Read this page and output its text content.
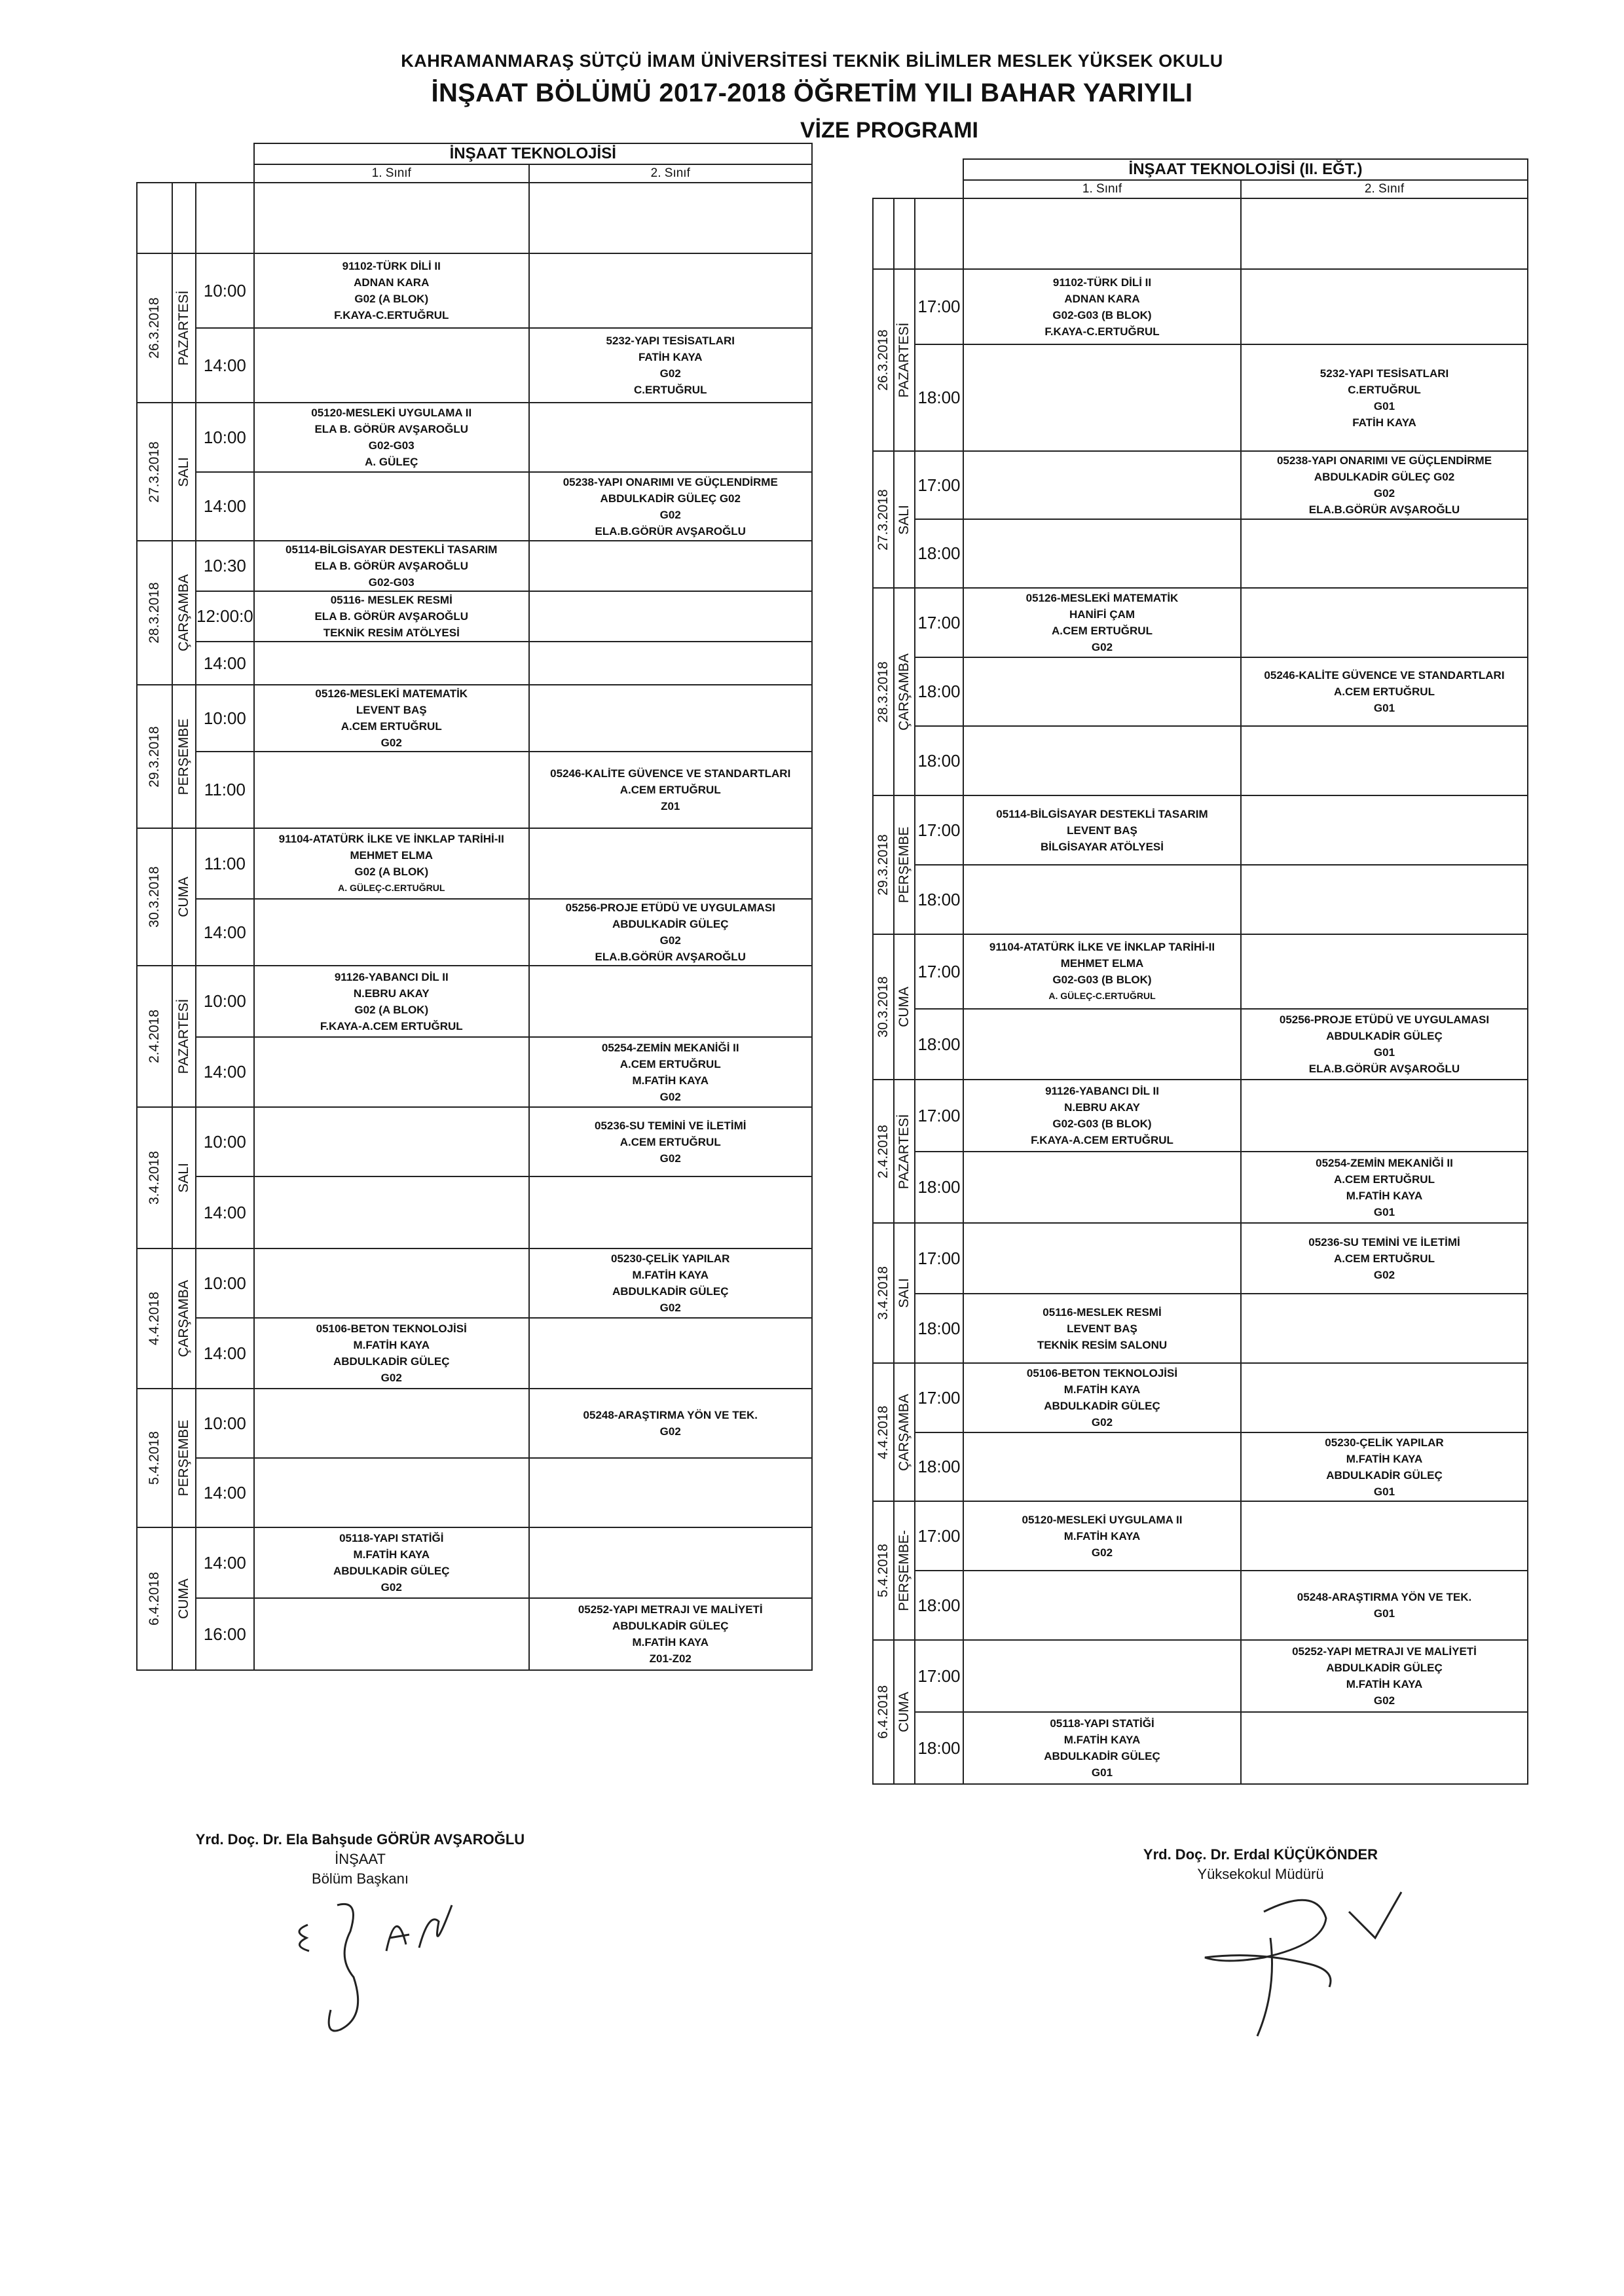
KAHRAMANMARAŞ SÜTÇÜ İMAM ÜNİVERSİTESİ TEKNİK BİLİMLER MESLEK YÜKSEK OKULU
İNŞAAT BÖLÜMÜ 2017-2018 ÖĞRETİM YILI BAHAR YARIYILI
VİZE PROGRAMI
			İNŞAAT TEKNOLOJİSİ	
			1. Sınıf	2. Sınıf

26.3.2018	PAZARTESİ	10:00	91102-TÜRK DİLİ II
ADNAN KARA
G02 (A BLOK)
F.KAYA-C.ERTUĞRUL	

		14:00		5232-YAPI TESİSATLARI
FATİH KAYA
G02
C.ERTUĞRUL

27.3.2018	SALI	10:00	05120-MESLEKİ UYGULAMA II
ELA B. GÖRÜR AVŞAROĞLU
G02-G03
A. GÜLEÇ	

		14:00		05238-YAPI ONARIMI VE GÜÇLENDİRME
ABDULKADİR GÜLEÇ G02
G02
ELA.B.GÖRÜR AVŞAROĞLU

28.3.2018	ÇARŞAMBA	10:30	05114-BİLGİSAYAR DESTEKLİ TASARIM
ELA B. GÖRÜR AVŞAROĞLU
G02-G03	

		12:00:0	05116- MESLEK RESMİ
ELA B. GÖRÜR AVŞAROĞLU
TEKNİK RESİM ATÖLYESİ	

		14:00		

29.3.2018	PERŞEMBE	10:00	05126-MESLEKİ MATEMATİK
LEVENT BAŞ
A.CEM ERTUĞRUL
G02	

		11:00		05246-KALİTE GÜVENCE VE STANDARTLARI
A.CEM ERTUĞRUL
Z01

30.3.2018	CUMA	11:00	91104-ATATÜRK İLKE VE İNKLAP TARİHİ-II
MEHMET ELMA
G02 (A BLOK)
A. GÜLEÇ-C.ERTUĞRUL	

		14:00		05256-PROJE ETÜDÜ VE UYGULAMASI
ABDULKADİR GÜLEÇ
G02
ELA.B.GÖRÜR AVŞAROĞLU

2.4.2018	PAZARTESİ	10:00	91126-YABANCI DİL II
N.EBRU AKAY
G02 (A BLOK)
F.KAYA-A.CEM ERTUĞRUL	

		14:00		05254-ZEMİN MEKANİĞİ II
A.CEM ERTUĞRUL
M.FATİH KAYA
G02

3.4.2018	SALI	10:00		05236-SU TEMİNİ VE İLETİMİ
A.CEM ERTUĞRUL
G02

		14:00		

4.4.2018	ÇARŞAMBA	10:00		05230-ÇELİK YAPILAR
M.FATİH KAYA
ABDULKADİR GÜLEÇ
G02

		14:00	05106-BETON TEKNOLOJİSİ
M.FATİH KAYA
ABDULKADİR GÜLEÇ
G02	

5.4.2018	PERŞEMBE	10:00		05248-ARAŞTIRMA YÖN VE TEK.
G02

		14:00		

6.4.2018	CUMA	14:00	05118-YAPI STATİĞİ
M.FATİH KAYA
ABDULKADİR GÜLEÇ
G02	

		16:00		05252-YAPI METRAJI VE MALİYETİ
ABDULKADİR GÜLEÇ
M.FATİH KAYA
Z01-Z02
			İNŞAAT TEKNOLOJİSİ (II. EĞT.)	
			1. Sınıf	2. Sınıf

26.3.2018	PAZARTESİ	17:00	91102-TÜRK DİLİ II
ADNAN KARA
G02-G03 (B BLOK)
F.KAYA-C.ERTUĞRUL	

		18:00		5232-YAPI TESİSATLARI
C.ERTUĞRUL
G01
FATİH KAYA

27.3.2018	SALI	17:00		05238-YAPI ONARIMI VE GÜÇLENDİRME
ABDULKADİR GÜLEÇ G02
G02
ELA.B.GÖRÜR AVŞAROĞLU

		18:00		

28.3.2018	ÇARŞAMBA	17:00	05126-MESLEKİ MATEMATİK
HANİFİ ÇAM
A.CEM ERTUĞRUL
G02	

		18:00		05246-KALİTE GÜVENCE VE STANDARTLARI
A.CEM ERTUĞRUL
G01

		18:00		

29.3.2018	PERŞEMBE	17:00	05114-BİLGİSAYAR DESTEKLİ TASARIM
LEVENT BAŞ
BİLGİSAYAR ATÖLYESİ	

		18:00		

30.3.2018	CUMA	17:00	91104-ATATÜRK İLKE VE İNKLAP TARİHİ-II
MEHMET ELMA
G02-G03 (B BLOK)
A. GÜLEÇ-C.ERTUĞRUL	

		18:00		05256-PROJE ETÜDÜ VE UYGULAMASI
ABDULKADİR GÜLEÇ
G01
ELA.B.GÖRÜR AVŞAROĞLU

2.4.2018	PAZARTESİ	17:00	91126-YABANCI DİL II
N.EBRU AKAY
G02-G03 (B BLOK)
F.KAYA-A.CEM ERTUĞRUL	

		18:00		05254-ZEMİN MEKANİĞİ II
A.CEM ERTUĞRUL
M.FATİH KAYA
G01

3.4.2018	SALI	17:00		05236-SU TEMİNİ VE İLETİMİ
A.CEM ERTUĞRUL
G02

		18:00	05116-MESLEK RESMİ
LEVENT BAŞ
TEKNİK RESİM SALONU	

4.4.2018	ÇARŞAMBA	17:00	05106-BETON TEKNOLOJİSİ
M.FATİH KAYA
ABDULKADİR GÜLEÇ
G02	

		18:00		05230-ÇELİK YAPILAR
M.FATİH KAYA
ABDULKADİR GÜLEÇ
G01

5.4.2018	PERŞEMBE-	17:00	05120-MESLEKİ UYGULAMA II
M.FATİH KAYA
G02	

		18:00		05248-ARAŞTIRMA YÖN VE TEK.
G01

6.4.2018	CUMA	17:00		05252-YAPI METRAJI VE MALİYETİ
ABDULKADİR GÜLEÇ
M.FATİH KAYA
G02

		18:00	05118-YAPI STATİĞİ
M.FATİH KAYA
ABDULKADİR GÜLEÇ
G01	

Yrd. Doç. Dr. Ela Bahşude GÖRÜR AVŞAROĞLU
İNŞAAT
Bölüm Başkanı
Yrd. Doç. Dr. Erdal KÜÇÜKÖNDER
Yüksekokul Müdürü
